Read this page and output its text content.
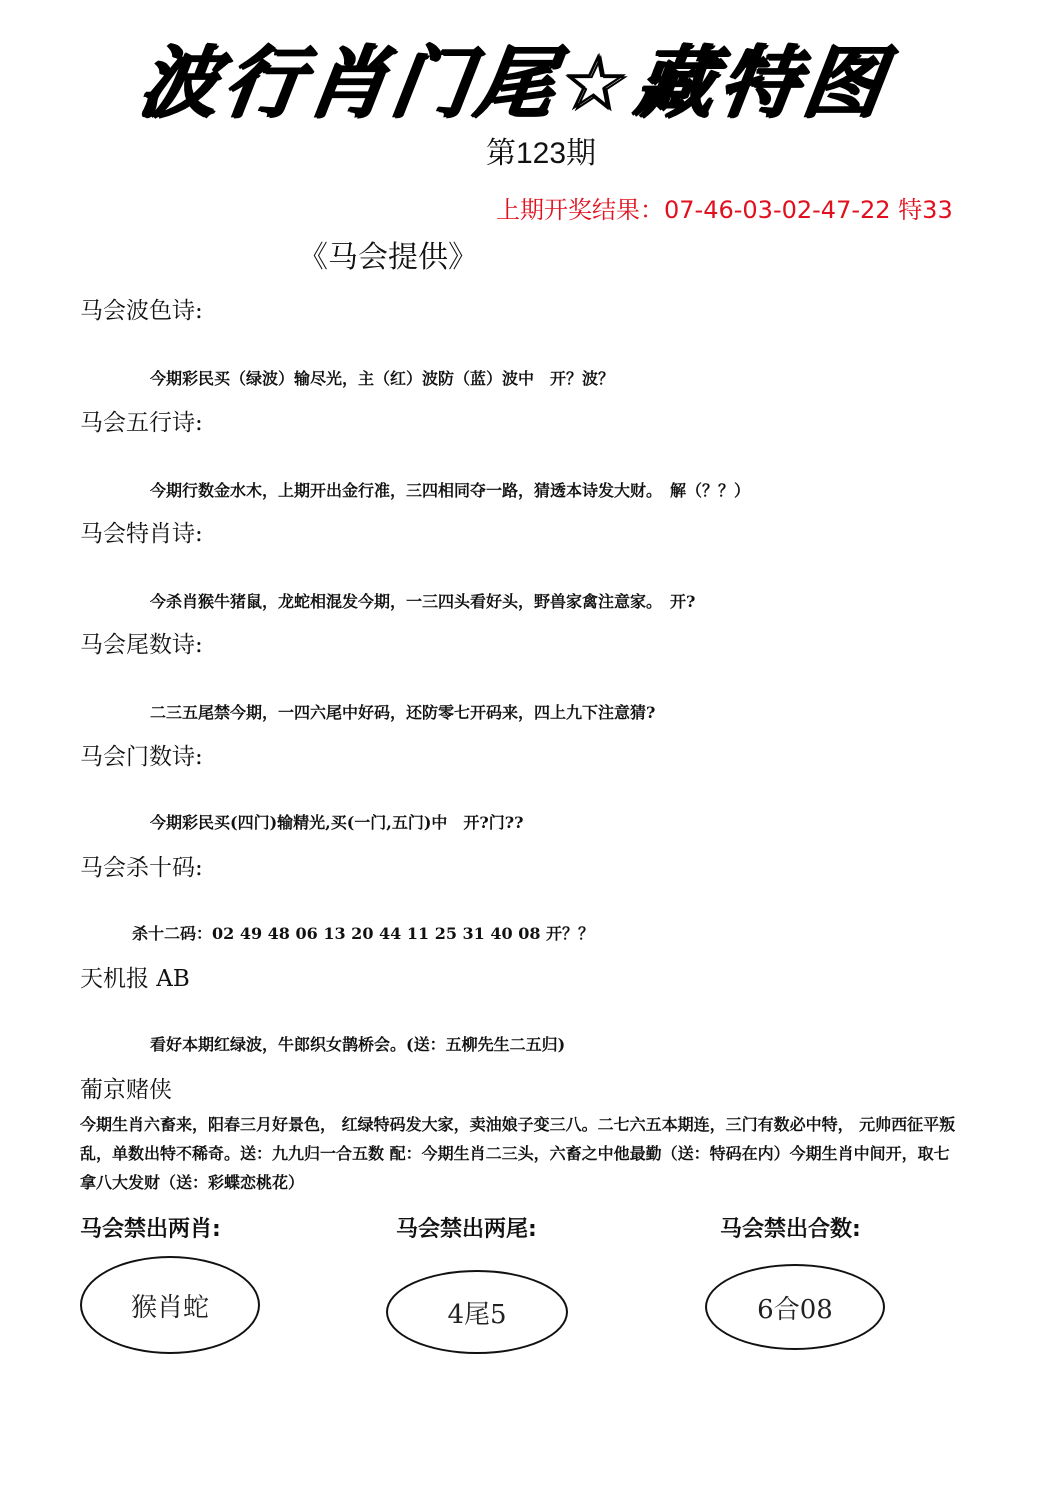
波行肖门尾☆藏特图
第123期
上期开奖结果：07-46-03-02-47-22 特33
《马会提供》
马会波色诗:
今期彩民买（绿波）输尽光，主（红）波防（蓝）波中　开？波？
马会五行诗:
今期行数金水木，上期开出金行准，三四相同夺一路，猜透本诗发大财。　解（？？）
马会特肖诗:
今杀肖猴牛猪鼠，龙蛇相混发今期，一三四头看好头，野兽家禽注意家。　开?
马会尾数诗:
二三五尾禁今期，一四六尾中好码，还防零七开码来，四上九下注意猜?
马会门数诗:
今期彩民买(四门)输精光,买(一门,五门)中　开?门??
马会杀十码:
杀十二码：02 49 48 06 13 20 44 11 25 31 40 08 开？？
天机报 AB
看好本期红绿波，牛郎织女鹊桥会。(送：五柳先生二五归)
葡京赌侠
今期生肖六畜来，阳春三月好景色， 红绿特码发大家，卖油娘子变三八。二七六五本期连，三门有数必中特， 元帅西征平叛乱，单数出特不稀奇。送：九九归一合五数 配：今期生肖二三头，六畜之中他最勤（送：特码在内）今期生肖中间开，取七拿八大发财（送：彩蝶恋桃花）
马会禁出两肖:	马会禁出两尾:	马会禁出合数:
猴肖蛇	4尾5	6合08
